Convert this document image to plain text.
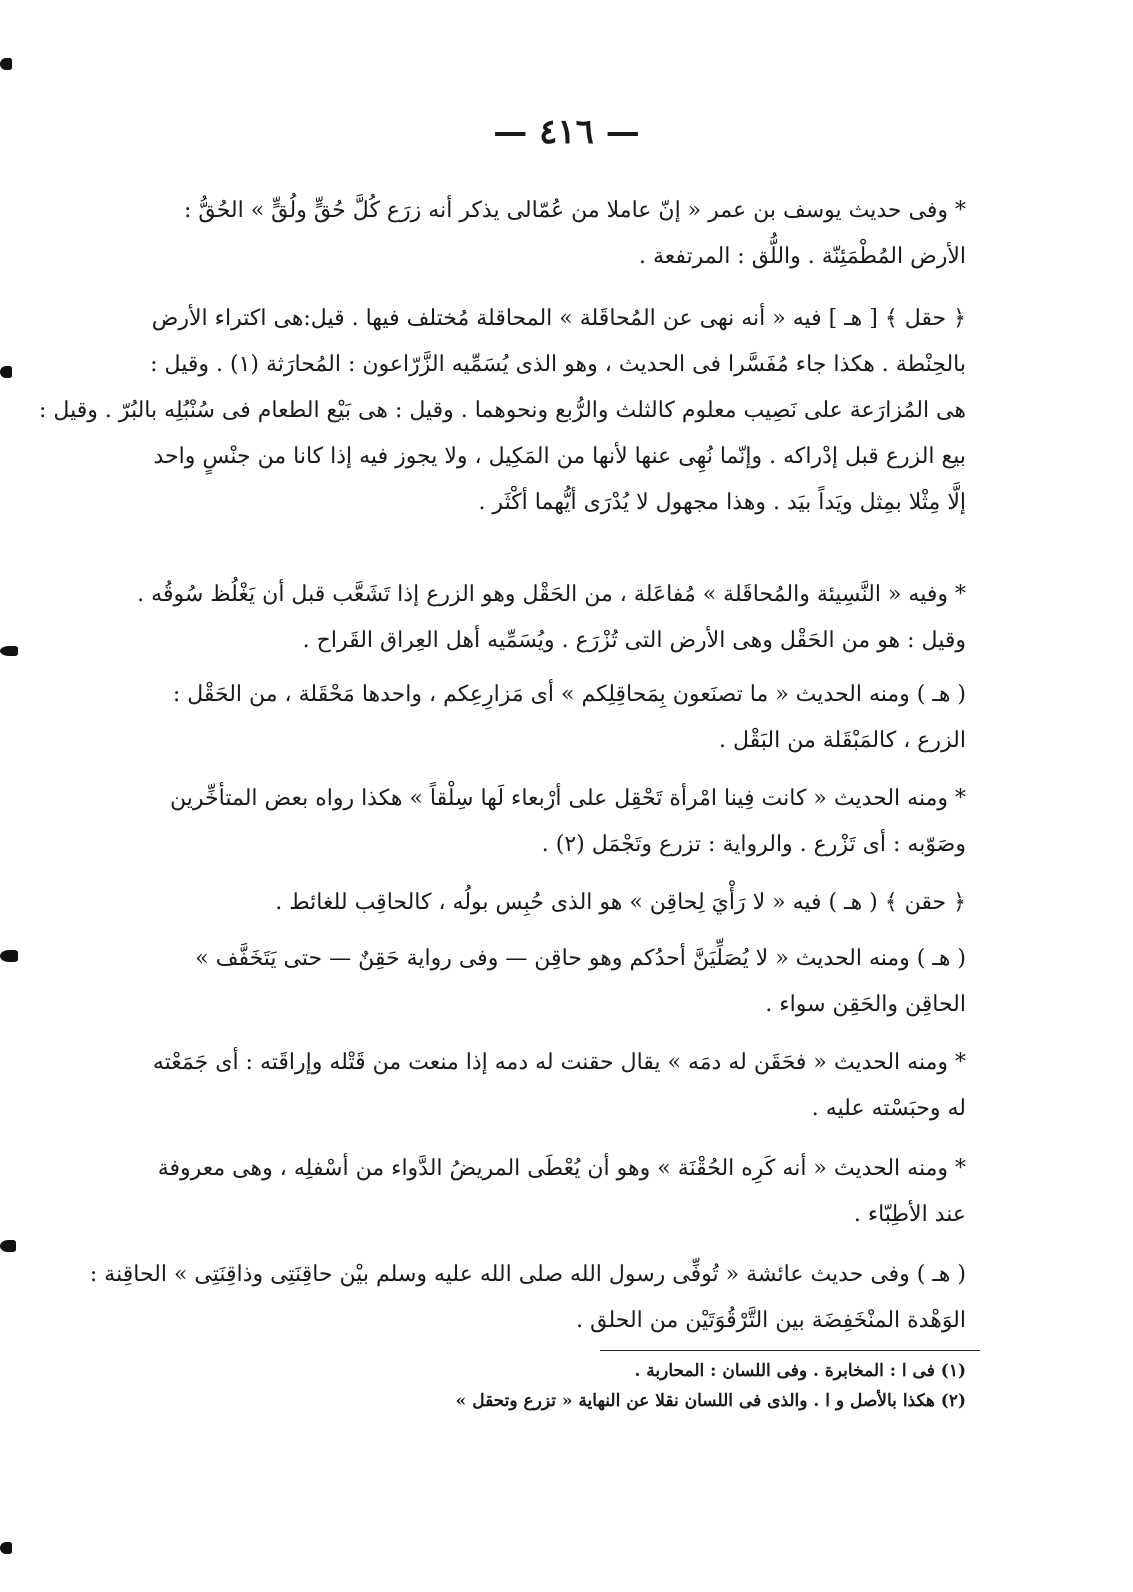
— ٤١٦ —
* وفى حديث يوسف بن عمر « إنّ عاملا من عُمّالى يذكر أنه زرَع كُلَّ حُقٍّ ولُقٍّ » الحُقُّ :
الأرض المُطْمَئِنّة . واللُّق : المرتفعة .
﴿ حقل ﴾ [ هـ ] فيه « أنه نهى عن المُحاقَلة » المحاقلة مُختلف فيها . قيل:هى اكتراء الأرض
بالحِنْطة . هكذا جاء مُفَسَّرا فى الحديث ، وهو الذى يُسَمِّيه الزَّرّاعون : المُحارَثة (١) . وقيل :
هى المُزارَعة على نَصِيب معلوم كالثلث والرُّبع ونحوهما . وقيل : هى بَيْع الطعام فى سُنْبُلِه بالبُرّ . وقيل :
بيع الزرع قبل إدْراكه . وإنّما نُهِى عنها لأنها من المَكِيل ، ولا يجوز فيه إذا كانا من جنْسٍ واحد
إلَّا مِثْلا بمِثل ويَداً بيَد . وهذا مجهول لا يُدْرَى أيُّهما أكْثَر .
* وفيه « النَّسِيئة والمُحاقَلة » مُفاعَلة ، من الحَقْل وهو الزرع إذا تَشَعَّب قبل أن يَغْلُظ سُوقُه .
وقيل : هو من الحَقْل وهى الأرض التى تُزْرَع . ويُسَمِّيه أهل العِراق القَراح .
( هـ ) ومنه الحديث « ما تصنَعون بِمَحاقِلِكم » أى مَزارِعِكم ، واحدها مَحْقَلة ، من الحَقْل :
الزرع ، كالمَبْقَلة من البَقْل .
* ومنه الحديث « كانت فِينا امْرأة تَحْقِل على أرْبعاء لَها سِلْقاً » هكذا رواه بعض المتأخِّرين
وصَوّبه : أى تَزْرع . والرواية : تزرع وتَجْمَل (٢) .
﴿ حقن ﴾ ( هـ ) فيه « لا رَأْيَ لِحاقِن » هو الذى حُبِس بولُه ، كالحاقِب للغائط .
( هـ ) ومنه الحديث « لا يُصَلِّيَنَّ أحدُكم وهو حاقِن — وفى رواية حَقِنٌ — حتى يَتَخَفَّف »
الحاقِن والحَقِن سواء .
* ومنه الحديث « فحَقَن له دمَه » يقال حقنت له دمه إذا منعت من قَتْله وإراقَته : أى جَمَعْته
له وحبَسْته عليه .
* ومنه الحديث « أنه كَرِه الحُقْنَة » وهو أن يُعْطَى المريضُ الدَّواء من أسْفلِه ، وهى معروفة
عند الأطِبّاء .
( هـ ) وفى حديث عائشة « تُوفِّى رسول الله صلى الله عليه وسلم بيْن حاقِنَتِى وذاقِنَتِى » الحاقِنة :
الوَهْدة المنْخَفِضَة بين التَّرْقُوَتَيْن من الحلق .
(١) فى ا : المخابرة . وفى اللسان : المحاربة .
(٢) هكذا بالأصل و ا . والذى فى اللسان نقلا عن النهاية « تزرع وتحقل »
